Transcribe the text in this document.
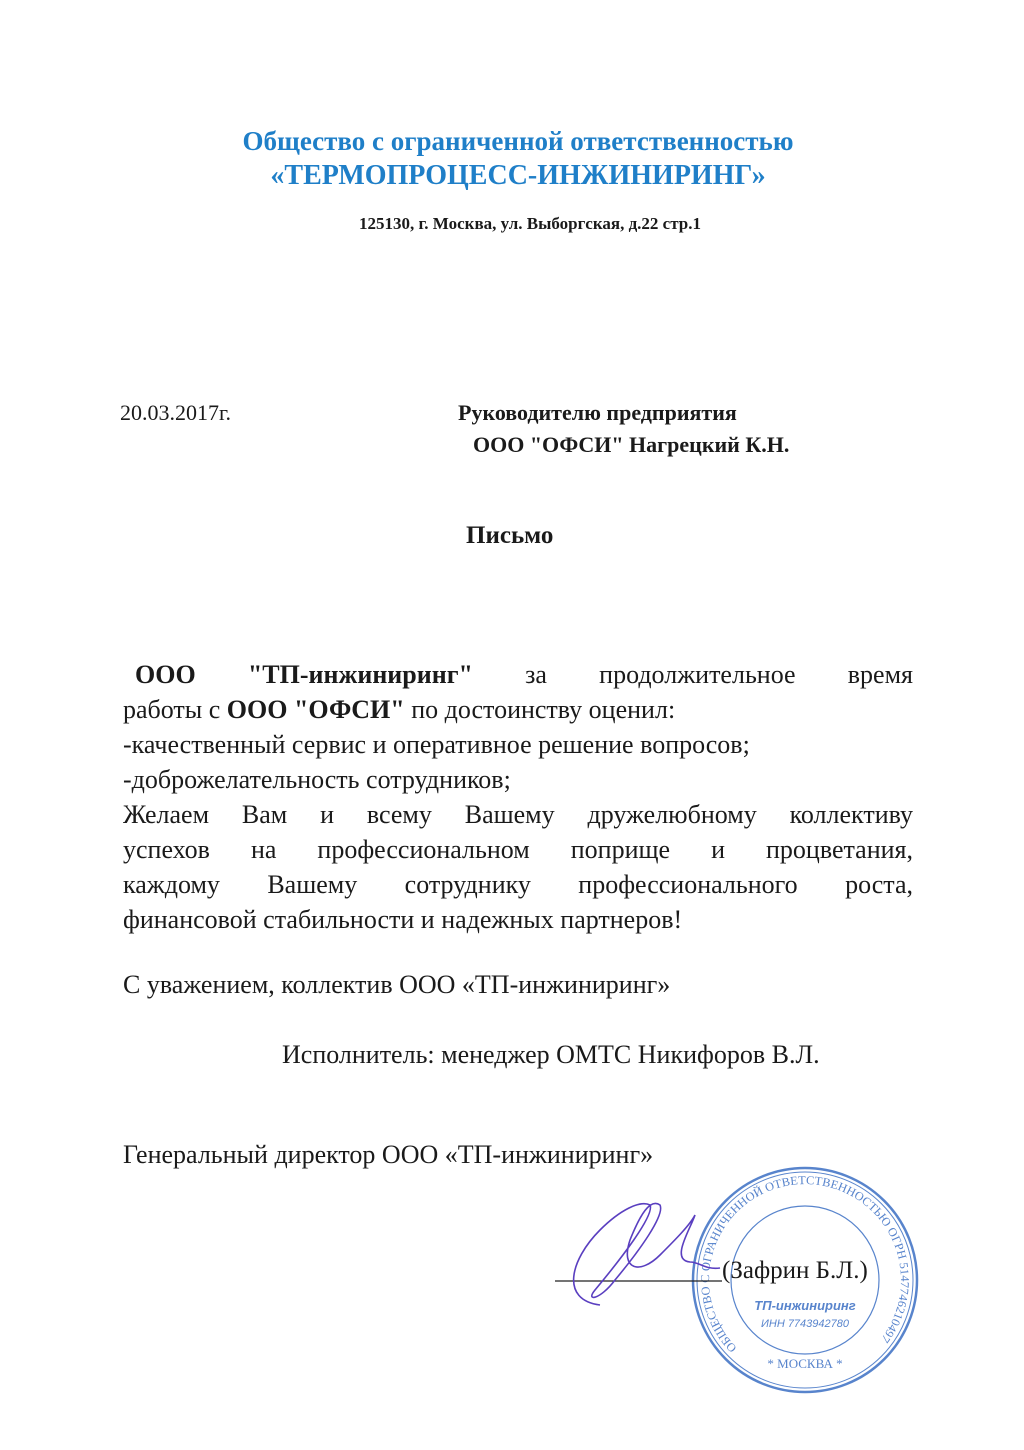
Общество с ограниченной ответственностью
«ТЕРМОПРОЦЕСС-ИНЖИНИРИНГ»
125130, г. Москва, ул. Выборгская, д.22 стр.1
20.03.2017г.	Руководителю предприятия
ООО "ОФСИ" Нагрецкий К.Н.
Письмо
ООО "ТП-инжиниринг" за продолжительное время
работы с ООО "ОФСИ" по достоинству оценил:
-качественный сервис и оперативное решение вопросов;
-доброжелательность сотрудников;
Желаем Вам и всему Вашему дружелюбному коллективу
успехов на профессиональном поприще и процветания,
каждому Вашему сотруднику профессионального роста,
финансовой стабильности и надежных партнеров!
С уважением, коллектив ООО «ТП-инжиниринг»
Исполнитель: менеджер ОМТС Никифоров В.Л.
Генеральный директор ООО «ТП-инжиниринг»
ОБЩЕСТВО С ОГРАНИЧЕННОЙ ОТВЕТСТВЕННОСТЬЮ ОГРН 5147746210497
* МОСКВА *
ТП-инжиниринг
ИНН 7743942780
(Зафрин Б.Л.)
